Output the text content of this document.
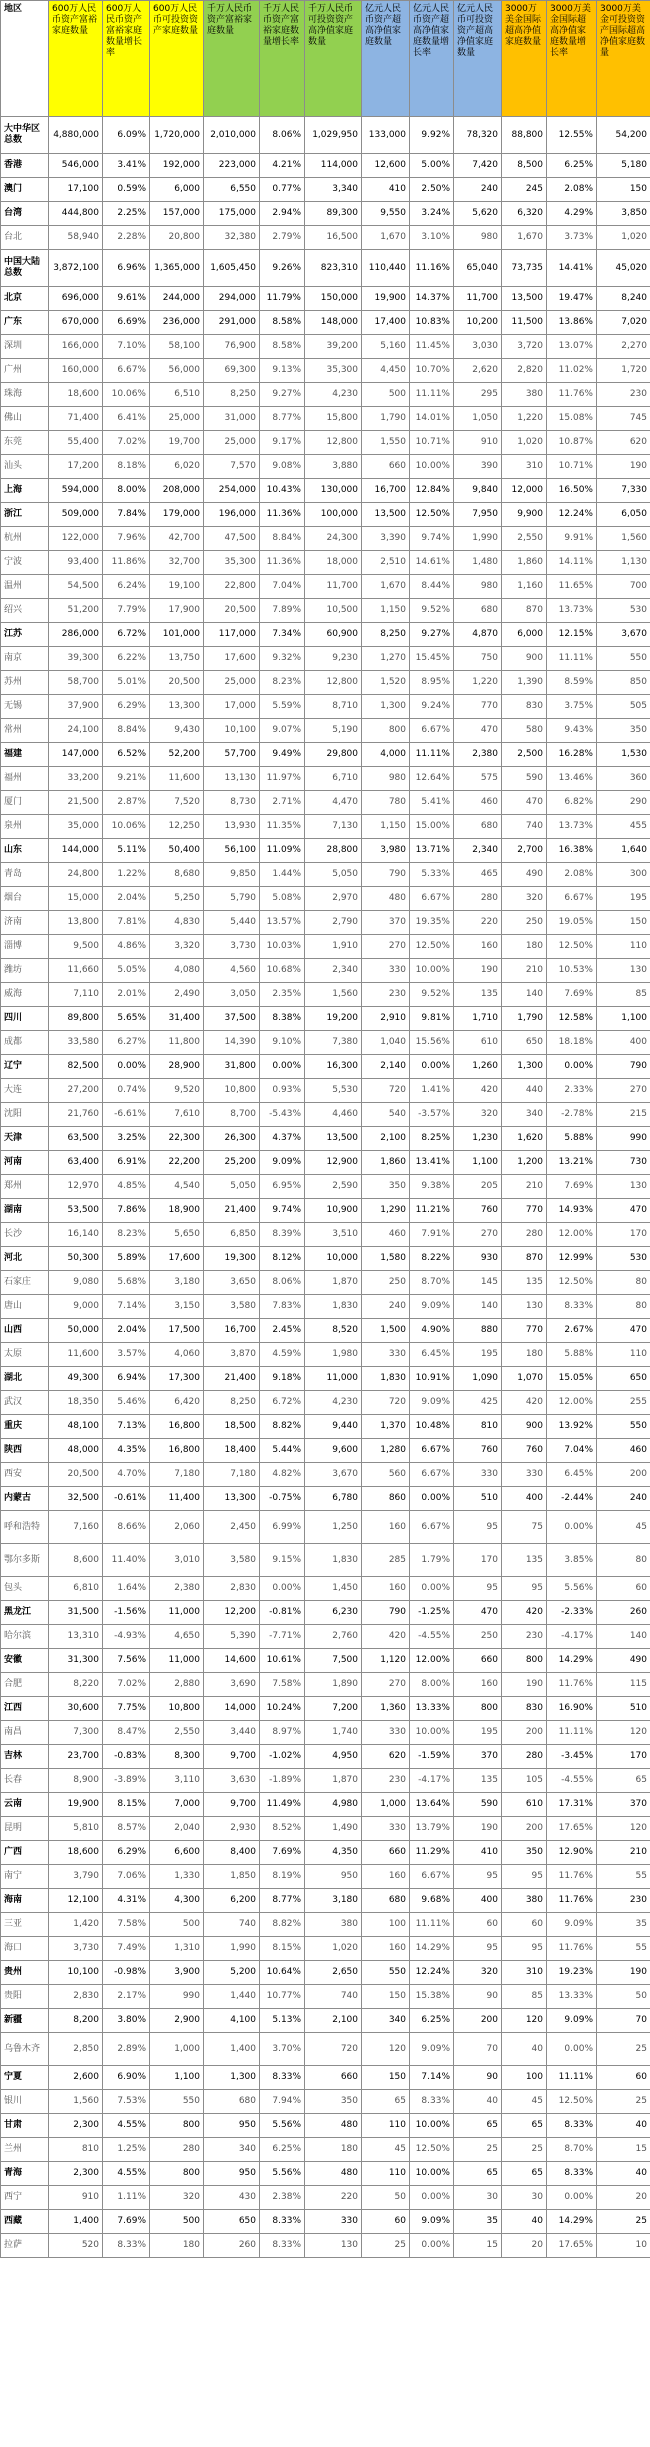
地区	600万人民币资产富裕家庭数量	600万人民币资产富裕家庭数量增长率	600万人民币可投资资产家庭数量	千万人民币资产富裕家庭数量	千万人民币资产富裕家庭数量增长率	千万人民币可投资资产高净值家庭数量	亿元人民币资产超高净值家庭数量	亿元人民币资产超高净值家庭数量增长率	亿元人民币可投资资产超高净值家庭数量	3000万美金国际超高净值家庭数量	3000万美金国际超高净值家庭数量增长率	3000万美金可投资资产国际超高净值家庭数量
大中华区总数	4,880,000	6.09%	1,720,000	2,010,000	8.06%	1,029,950	133,000	9.92%	78,320	88,800	12.55%	54,200
香港	546,000	3.41%	192,000	223,000	4.21%	114,000	12,600	5.00%	7,420	8,500	6.25%	5,180
澳门	17,100	0.59%	6,000	6,550	0.77%	3,340	410	2.50%	240	245	2.08%	150
台湾	444,800	2.25%	157,000	175,000	2.94%	89,300	9,550	3.24%	5,620	6,320	4.29%	3,850
台北	58,940	2.28%	20,800	32,380	2.79%	16,500	1,670	3.10%	980	1,670	3.73%	1,020
中国大陆总数	3,872,100	6.96%	1,365,000	1,605,450	9.26%	823,310	110,440	11.16%	65,040	73,735	14.41%	45,020
北京	696,000	9.61%	244,000	294,000	11.79%	150,000	19,900	14.37%	11,700	13,500	19.47%	8,240
广东	670,000	6.69%	236,000	291,000	8.58%	148,000	17,400	10.83%	10,200	11,500	13.86%	7,020
深圳	166,000	7.10%	58,100	76,900	8.58%	39,200	5,160	11.45%	3,030	3,720	13.07%	2,270
广州	160,000	6.67%	56,000	69,300	9.13%	35,300	4,450	10.70%	2,620	2,820	11.02%	1,720
珠海	18,600	10.06%	6,510	8,250	9.27%	4,230	500	11.11%	295	380	11.76%	230
佛山	71,400	6.41%	25,000	31,000	8.77%	15,800	1,790	14.01%	1,050	1,220	15.08%	745
东莞	55,400	7.02%	19,700	25,000	9.17%	12,800	1,550	10.71%	910	1,020	10.87%	620
汕头	17,200	8.18%	6,020	7,570	9.08%	3,880	660	10.00%	390	310	10.71%	190
上海	594,000	8.00%	208,000	254,000	10.43%	130,000	16,700	12.84%	9,840	12,000	16.50%	7,330
浙江	509,000	7.84%	179,000	196,000	11.36%	100,000	13,500	12.50%	7,950	9,900	12.24%	6,050
杭州	122,000	7.96%	42,700	47,500	8.84%	24,300	3,390	9.74%	1,990	2,550	9.91%	1,560
宁波	93,400	11.86%	32,700	35,300	11.36%	18,000	2,510	14.61%	1,480	1,860	14.11%	1,130
温州	54,500	6.24%	19,100	22,800	7.04%	11,700	1,670	8.44%	980	1,160	11.65%	700
绍兴	51,200	7.79%	17,900	20,500	7.89%	10,500	1,150	9.52%	680	870	13.73%	530
江苏	286,000	6.72%	101,000	117,000	7.34%	60,900	8,250	9.27%	4,870	6,000	12.15%	3,670
南京	39,300	6.22%	13,750	17,600	9.32%	9,230	1,270	15.45%	750	900	11.11%	550
苏州	58,700	5.01%	20,500	25,000	8.23%	12,800	1,520	8.95%	1,220	1,390	8.59%	850
无锡	37,900	6.29%	13,300	17,000	5.59%	8,710	1,300	9.24%	770	830	3.75%	505
常州	24,100	8.84%	9,430	10,100	9.07%	5,190	800	6.67%	470	580	9.43%	350
福建	147,000	6.52%	52,200	57,700	9.49%	29,800	4,000	11.11%	2,380	2,500	16.28%	1,530
福州	33,200	9.21%	11,600	13,130	11.97%	6,710	980	12.64%	575	590	13.46%	360
厦门	21,500	2.87%	7,520	8,730	2.71%	4,470	780	5.41%	460	470	6.82%	290
泉州	35,000	10.06%	12,250	13,930	11.35%	7,130	1,150	15.00%	680	740	13.73%	455
山东	144,000	5.11%	50,400	56,100	11.09%	28,800	3,980	13.71%	2,340	2,700	16.38%	1,640
青岛	24,800	1.22%	8,680	9,850	1.44%	5,050	790	5.33%	465	490	2.08%	300
烟台	15,000	2.04%	5,250	5,790	5.08%	2,970	480	6.67%	280	320	6.67%	195
济南	13,800	7.81%	4,830	5,440	13.57%	2,790	370	19.35%	220	250	19.05%	150
淄博	9,500	4.86%	3,320	3,730	10.03%	1,910	270	12.50%	160	180	12.50%	110
潍坊	11,660	5.05%	4,080	4,560	10.68%	2,340	330	10.00%	190	210	10.53%	130
威海	7,110	2.01%	2,490	3,050	2.35%	1,560	230	9.52%	135	140	7.69%	85
四川	89,800	5.65%	31,400	37,500	8.38%	19,200	2,910	9.81%	1,710	1,790	12.58%	1,100
成都	33,580	6.27%	11,800	14,390	9.10%	7,380	1,040	15.56%	610	650	18.18%	400
辽宁	82,500	0.00%	28,900	31,800	0.00%	16,300	2,140	0.00%	1,260	1,300	0.00%	790
大连	27,200	0.74%	9,520	10,800	0.93%	5,530	720	1.41%	420	440	2.33%	270
沈阳	21,760	-6.61%	7,610	8,700	-5.43%	4,460	540	-3.57%	320	340	-2.78%	215
天津	63,500	3.25%	22,300	26,300	4.37%	13,500	2,100	8.25%	1,230	1,620	5.88%	990
河南	63,400	6.91%	22,200	25,200	9.09%	12,900	1,860	13.41%	1,100	1,200	13.21%	730
郑州	12,970	4.85%	4,540	5,050	6.95%	2,590	350	9.38%	205	210	7.69%	130
湖南	53,500	7.86%	18,900	21,400	9.74%	10,900	1,290	11.21%	760	770	14.93%	470
长沙	16,140	8.23%	5,650	6,850	8.39%	3,510	460	7.91%	270	280	12.00%	170
河北	50,300	5.89%	17,600	19,300	8.12%	10,000	1,580	8.22%	930	870	12.99%	530
石家庄	9,080	5.68%	3,180	3,650	8.06%	1,870	250	8.70%	145	135	12.50%	80
唐山	9,000	7.14%	3,150	3,580	7.83%	1,830	240	9.09%	140	130	8.33%	80
山西	50,000	2.04%	17,500	16,700	2.45%	8,520	1,500	4.90%	880	770	2.67%	470
太原	11,600	3.57%	4,060	3,870	4.59%	1,980	330	6.45%	195	180	5.88%	110
湖北	49,300	6.94%	17,300	21,400	9.18%	11,000	1,830	10.91%	1,090	1,070	15.05%	650
武汉	18,350	5.46%	6,420	8,250	6.72%	4,230	720	9.09%	425	420	12.00%	255
重庆	48,100	7.13%	16,800	18,500	8.82%	9,440	1,370	10.48%	810	900	13.92%	550
陕西	48,000	4.35%	16,800	18,400	5.44%	9,600	1,280	6.67%	760	760	7.04%	460
西安	20,500	4.70%	7,180	7,180	4.82%	3,670	560	6.67%	330	330	6.45%	200
内蒙古	32,500	-0.61%	11,400	13,300	-0.75%	6,780	860	0.00%	510	400	-2.44%	240
呼和浩特	7,160	8.66%	2,060	2,450	6.99%	1,250	160	6.67%	95	75	0.00%	45
鄂尔多斯	8,600	11.40%	3,010	3,580	9.15%	1,830	285	1.79%	170	135	3.85%	80
包头	6,810	1.64%	2,380	2,830	0.00%	1,450	160	0.00%	95	95	5.56%	60
黑龙江	31,500	-1.56%	11,000	12,200	-0.81%	6,230	790	-1.25%	470	420	-2.33%	260
哈尔滨	13,310	-4.93%	4,650	5,390	-7.71%	2,760	420	-4.55%	250	230	-4.17%	140
安徽	31,300	7.56%	11,000	14,600	10.61%	7,500	1,120	12.00%	660	800	14.29%	490
合肥	8,220	7.02%	2,880	3,690	7.58%	1,890	270	8.00%	160	190	11.76%	115
江西	30,600	7.75%	10,800	14,000	10.24%	7,200	1,360	13.33%	800	830	16.90%	510
南昌	7,300	8.47%	2,550	3,440	8.97%	1,740	330	10.00%	195	200	11.11%	120
吉林	23,700	-0.83%	8,300	9,700	-1.02%	4,950	620	-1.59%	370	280	-3.45%	170
长春	8,900	-3.89%	3,110	3,630	-1.89%	1,870	230	-4.17%	135	105	-4.55%	65
云南	19,900	8.15%	7,000	9,700	11.49%	4,980	1,000	13.64%	590	610	17.31%	370
昆明	5,810	8.57%	2,040	2,930	8.52%	1,490	330	13.79%	190	200	17.65%	120
广西	18,600	6.29%	6,600	8,400	7.69%	4,350	660	11.29%	410	350	12.90%	210
南宁	3,790	7.06%	1,330	1,850	8.19%	950	160	6.67%	95	95	11.76%	55
海南	12,100	4.31%	4,300	6,200	8.77%	3,180	680	9.68%	400	380	11.76%	230
三亚	1,420	7.58%	500	740	8.82%	380	100	11.11%	60	60	9.09%	35
海口	3,730	7.49%	1,310	1,990	8.15%	1,020	160	14.29%	95	95	11.76%	55
贵州	10,100	-0.98%	3,900	5,200	10.64%	2,650	550	12.24%	320	310	19.23%	190
贵阳	2,830	2.17%	990	1,440	10.77%	740	150	15.38%	90	85	13.33%	50
新疆	8,200	3.80%	2,900	4,100	5.13%	2,100	340	6.25%	200	120	9.09%	70
乌鲁木齐	2,850	2.89%	1,000	1,400	3.70%	720	120	9.09%	70	40	0.00%	25
宁夏	2,600	6.90%	1,100	1,300	8.33%	660	150	7.14%	90	100	11.11%	60
银川	1,560	7.53%	550	680	7.94%	350	65	8.33%	40	45	12.50%	25
甘肃	2,300	4.55%	800	950	5.56%	480	110	10.00%	65	65	8.33%	40
兰州	810	1.25%	280	340	6.25%	180	45	12.50%	25	25	8.70%	15
青海	2,300	4.55%	800	950	5.56%	480	110	10.00%	65	65	8.33%	40
西宁	910	1.11%	320	430	2.38%	220	50	0.00%	30	30	0.00%	20
西藏	1,400	7.69%	500	650	8.33%	330	60	9.09%	35	40	14.29%	25
拉萨	520	8.33%	180	260	8.33%	130	25	0.00%	15	20	17.65%	10
